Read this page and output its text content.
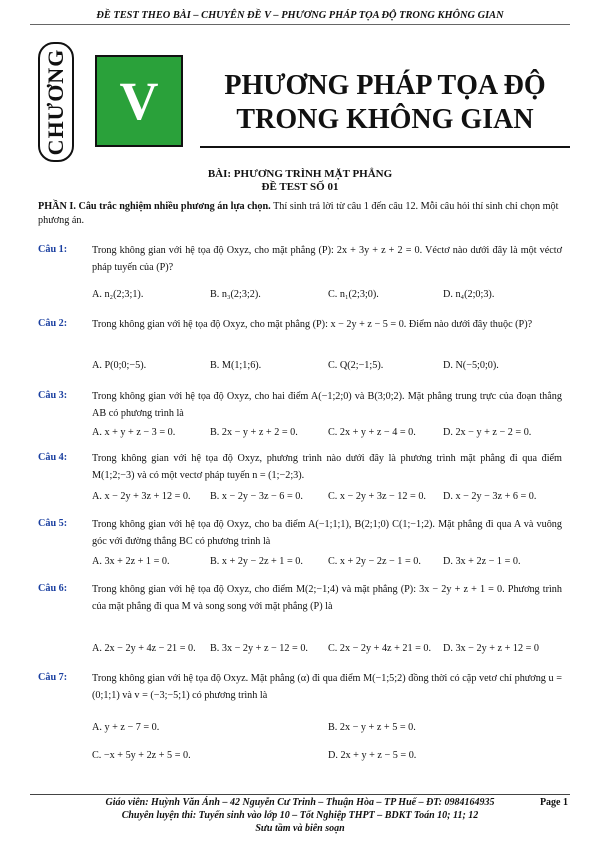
ĐỀ TEST THEO BÀI – CHUYÊN ĐỀ V – PHƯƠNG PHÁP TỌA ĐỘ TRONG KHÔNG GIAN
CHƯƠNG V	PHƯƠNG PHÁP TỌA ĐỘ
TRONG KHÔNG GIAN
BÀI: PHƯƠNG TRÌNH MẶT PHẲNG
ĐỀ TEST SỐ 01
PHẦN I. Câu trắc nghiệm nhiều phương án lựa chọn. Thí sinh trả lời từ câu 1 đến câu 12. Mỗi câu hỏi thí sinh chỉ chọn một phương án.
Câu 1: Trong không gian với hệ tọa độ Oxyz, cho mặt phẳng (P): 2x + 3y + z + 2 = 0. Véctơ nào dưới đây là một véctơ pháp tuyến của (P)?
A. n₂(2;3;1).	B. n₃(2;3;2).	C. n₁(2;3;0).	D. n₄(2;0;3).
Câu 2: Trong không gian với hệ tọa độ Oxyz, cho mặt phẳng (P): x − 2y + z − 5 = 0. Điểm nào dưới đây thuộc (P)?
A. P(0;0;−5).	B. M(1;1;6).	C. Q(2;−1;5).	D. N(−5;0;0).
Câu 3: Trong không gian với hệ tọa độ Oxyz, cho hai điểm A(−1;2;0) và B(3;0;2). Mặt phẳng trung trực của đoạn thẳng AB có phương trình là
A. x + y + z − 3 = 0.	B. 2x − y + z + 2 = 0.	C. 2x + y + z − 4 = 0.	D. 2x − y + z − 2 = 0.
Câu 4: Trong không gian với hệ tọa độ Oxyz, phương trình nào dưới đây là phương trình mặt phẳng đi qua điểm M(1;2;−3) và có một vectơ pháp tuyến n = (1;−2;3).
A. x − 2y + 3z + 12 = 0. B. x − 2y − 3z − 6 = 0. C. x − 2y + 3z − 12 = 0. D. x − 2y − 3z + 6 = 0.
Câu 5: Trong không gian với hệ tọa độ Oxyz, cho ba điểm A(−1;1;1), B(2;1;0) C(1;−1;2). Mặt phẳng đi qua A và vuông góc với đường thẳng BC có phương trình là
A. 3x + 2z + 1 = 0.	B. x + 2y − 2z + 1 = 0. C. x + 2y − 2z − 1 = 0. D. 3x + 2z − 1 = 0.
Câu 6: Trong không gian với hệ tọa độ Oxyz, cho điểm M(2;−1;4) và mặt phẳng (P): 3x − 2y + z + 1 = 0. Phương trình của mặt phẳng đi qua M và song song với mặt phẳng (P) là
A. 2x − 2y + 4z − 21 = 0. B. 3x − 2y + z − 12 = 0. C. 2x − 2y + 4z + 21 = 0. D. 3x − 2y + z + 12 = 0
Câu 7: Trong không gian với hệ tọa độ Oxyz. Mặt phẳng (α) đi qua điểm M(−1;5;2) đồng thời có cặp vetơ chỉ phương u = (0;1;1) và v = (−3;−5;1) có phương trình là
A. y + z − 7 = 0.	B. 2x − y + z + 5 = 0.
C. −x + 5y + 2z + 5 = 0.	D. 2x + y + z − 5 = 0.
Giáo viên: Huỳnh Văn Ánh – 42 Nguyễn Cư Trinh – Thuận Hòa – TP Huế – ĐT: 0984164935	Page 1
Chuyên luyện thi: Tuyển sinh vào lớp 10 – Tốt Nghiệp THPT – BDKT Toán 10; 11; 12
Sưu tầm và biên soạn
